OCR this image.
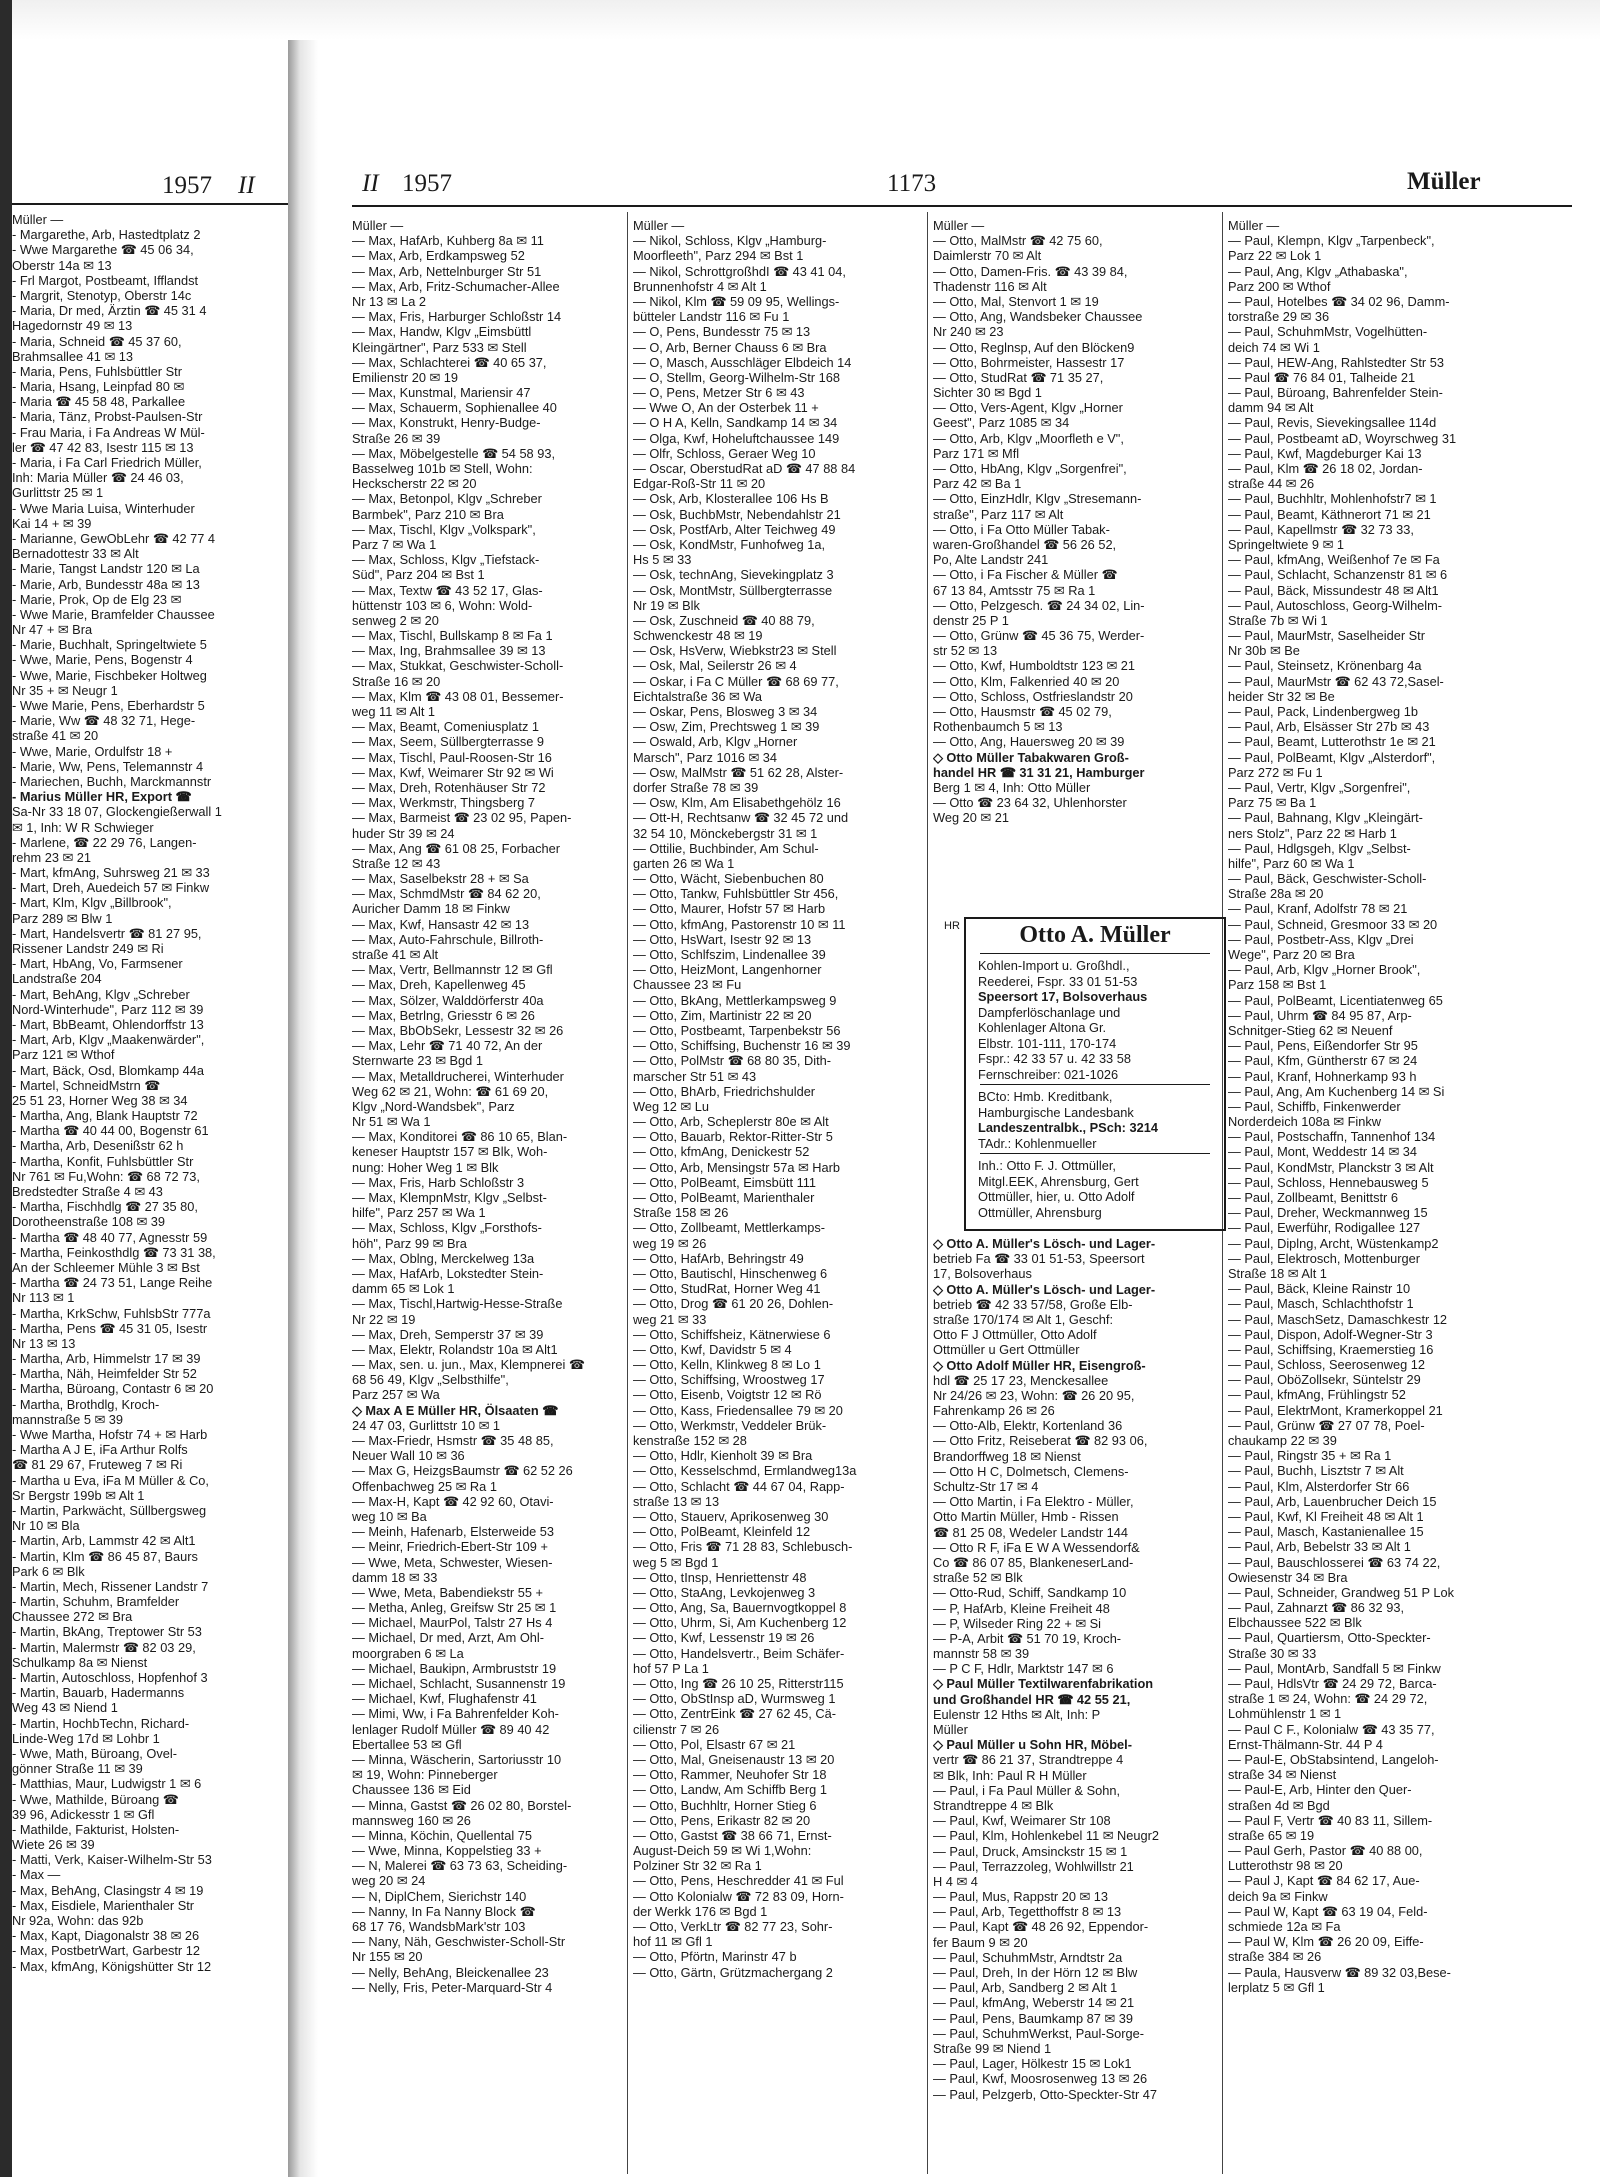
1957 II
Müller —
- Margarethe, Arb, Hastedtplatz 2
- Wwe Margarethe ☎ 45 06 34,
Oberstr 14a ✉ 13
- Frl Margot, Postbeamt, Ifflandst
- Margrit, Stenotyp, Oberstr 14c
- Maria, Dr med, Ärztin ☎ 45 31 4
Hagedornstr 49 ✉ 13
- Maria, Schneid ☎ 45 37 60,
Brahmsallee 41 ✉ 13
- Maria, Pens, Fuhlsbüttler Str
- Maria, Hsang, Leinpfad 80 ✉
- Maria ☎ 45 58 48, Parkallee
- Maria, Tänz, Probst-Paulsen-Str
- Frau Maria, i Fa Andreas W Mül-
ler ☎ 47 42 83, Isestr 115 ✉ 13
- Maria, i Fa Carl Friedrich Müller,
Inh: Maria Müller ☎ 24 46 03,
Gurlittstr 25 ✉ 1
- Wwe Maria Luisa, Winterhuder
Kai 14 + ✉ 39
- Marianne, GewObLehr ☎ 42 77 4
Bernadottestr 33 ✉ Alt
- Marie, Tangst Landstr 120 ✉ La
- Marie, Arb, Bundesstr 48a ✉ 13
- Marie, Prok, Op de Elg 23 ✉
- Wwe Marie, Bramfelder Chaussee
Nr 47 + ✉ Bra
- Marie, Buchhalt, Springeltwiete 5
- Wwe, Marie, Pens, Bogenstr 4
- Wwe, Marie, Fischbeker Holtweg
Nr 35 + ✉ Neugr 1
- Wwe Marie, Pens, Eberhardstr 5
- Marie, Ww ☎ 48 32 71, Hege-
straße 41 ✉ 20
- Wwe, Marie, Ordulfstr 18 +
- Marie, Ww, Pens, Telemannstr 4
- Mariechen, Buchh, Marckmannstr
- Marius Müller HR, Export ☎
Sa-Nr 33 18 07, Glockengießerwall 1
✉ 1, Inh: W R Schwieger
- Marlene, ☎ 22 29 76, Langen-
rehm 23 ✉ 21
- Mart, kfmAng, Suhrsweg 21 ✉ 33
- Mart, Dreh, Auedeich 57 ✉ Finkw
- Mart, Klm, Klgv „Billbrook",
Parz 289 ✉ Blw 1
- Mart, Handelsvertr ☎ 81 27 95,
Rissener Landstr 249 ✉ Ri
- Mart, HbAng, Vo, Farmsener
Landstraße 204
- Mart, BehAng, Klgv „Schreber
Nord-Winterhude", Parz 112 ✉ 39
- Mart, BbBeamt, Ohlendorffstr 13
- Mart, Arb, Klgv „Maakenwärder",
Parz 121 ✉ Wthof
- Mart, Bäck, Osd, Blomkamp 44a
- Martel, SchneidMstrn ☎
25 51 23, Horner Weg 38 ✉ 34
- Martha, Ang, Blank Hauptstr 72
- Martha ☎ 40 44 00, Bogenstr 61
- Martha, Arb, Desenißstr 62 h
- Martha, Konfit, Fuhlsbüttler Str
Nr 761 ✉ Fu,Wohn: ☎ 68 72 73,
Bredstedter Straße 4 ✉ 43
- Martha, Fischhdlg ☎ 27 35 80,
Dorotheenstraße 108 ✉ 39
- Martha ☎ 48 40 77, Agnesstr 59
- Martha, Feinkosthdlg ☎ 73 31 38,
An der Schleemer Mühle 3 ✉ Bst
- Martha ☎ 24 73 51, Lange Reihe
Nr 113 ✉ 1
- Martha, KrkSchw, FuhlsbStr 777a
- Martha, Pens ☎ 45 31 05, Isestr
Nr 13 ✉ 13
- Martha, Arb, Himmelstr 17 ✉ 39
- Martha, Näh, Heimfelder Str 52
- Martha, Büroang, Contastr 6 ✉ 20
- Martha, Brothdlg, Kroch-
mannstraße 5 ✉ 39
- Wwe Martha, Hofstr 74 + ✉ Harb
- Martha A J E, iFa Arthur Rolfs
☎ 81 29 67, Fruteweg 7 ✉ Ri
- Martha u Eva, iFa M Müller & Co,
Sr Bergstr 199b ✉ Alt 1
- Martin, Parkwächt, Süllbergsweg
Nr 10 ✉ Bla
- Martin, Arb, Lammstr 42 ✉ Alt1
- Martin, Klm ☎ 86 45 87, Baurs
Park 6 ✉ Blk
- Martin, Mech, Rissener Landstr 7
- Martin, Schuhm, Bramfelder
Chaussee 272 ✉ Bra
- Martin, BkAng, Treptower Str 53
- Martin, Malermstr ☎ 82 03 29,
Schulkamp 8a ✉ Nienst
- Martin, Autoschloss, Hopfenhof 3
- Martin, Bauarb, Hadermanns
Weg 43 ✉ Niend 1
- Martin, HochbTechn, Richard-
Linde-Weg 17d ✉ Lohbr 1
- Wwe, Math, Büroang, Ovel-
gönner Straße 11 ✉ 39
- Matthias, Maur, Ludwigstr 1 ✉ 6
- Wwe, Mathilde, Büroang ☎
39 96, Adickesstr 1 ✉ Gfl
- Mathilde, Fakturist, Holsten-
Wiete 26 ✉ 39
- Matti, Verk, Kaiser-Wilhelm-Str 53
- Max —
- Max, BehAng, Clasingstr 4 ✉ 19
- Max, Eisdiele, Marienthaler Str
Nr 92a, Wohn: das 92b
- Max, Kapt, Diagonalstr 38 ✉ 26
- Max, PostbetrWart, Garbestr 12
- Max, kfmAng, Königshütter Str 12
II 1957	1173	Müller
Müller —
— Max, HafArb, Kuhberg 8a ✉ 11
— Max, Arb, Erdkampsweg 52
— Max, Arb, Nettelnburger Str 51
— Max, Arb, Fritz-Schumacher-Allee
Nr 13 ✉ La 2
— Max, Fris, Harburger Schloßstr 14
— Max, Handw, Klgv „Eimsbüttl
Kleingärtner", Parz 533 ✉ Stell
— Max, Schlachterei ☎ 40 65 37,
Emilienstr 20 ✉ 19
— Max, Kunstmal, Mariensir 47
— Max, Schauerm, Sophienallee 40
— Max, Konstrukt, Henry-Budge-
Straße 26 ✉ 39
— Max, Möbelgestelle ☎ 54 58 93,
Basselweg 101b ✉ Stell, Wohn:
Heckscherstr 22 ✉ 20
— Max, Betonpol, Klgv „Schreber
Barmbek", Parz 210 ✉ Bra
— Max, Tischl, Klgv „Volkspark",
Parz 7 ✉ Wa 1
— Max, Schloss, Klgv „Tiefstack-
Süd", Parz 204 ✉ Bst 1
— Max, Textw ☎ 43 52 17, Glas-
hüttenstr 103 ✉ 6, Wohn: Wold-
senweg 2 ✉ 20
— Max, Tischl, Bullskamp 8 ✉ Fa 1
— Max, Ing, Brahmsallee 39 ✉ 13
— Max, Stukkat, Geschwister-Scholl-
Straße 16 ✉ 20
— Max, Klm ☎ 43 08 01, Bessemer-
weg 11 ✉ Alt 1
— Max, Beamt, Comeniusplatz 1
— Max, Seem, Süllbergterrasse 9
— Max, Tischl, Paul-Roosen-Str 16
— Max, Kwf, Weimarer Str 92 ✉ Wi
— Max, Dreh, Rotenhäuser Str 72
— Max, Werkmstr, Thingsberg 7
— Max, Barmeist ☎ 23 02 95, Papen-
huder Str 39 ✉ 24
— Max, Ang ☎ 61 08 25, Forbacher
Straße 12 ✉ 43
— Max, Saselbekstr 28 + ✉ Sa
— Max, SchmdMstr ☎ 84 62 20,
Auricher Damm 18 ✉ Finkw
— Max, Kwf, Hansastr 42 ✉ 13
— Max, Auto-Fahrschule, Billroth-
straße 41 ✉ Alt
— Max, Vertr, Bellmannstr 12 ✉ Gfl
— Max, Dreh, Kapellenweg 45
— Max, Sölzer, Walddörferstr 40a
— Max, Betrlng, Griesstr 6 ✉ 26
— Max, BbObSekr, Lessestr 32 ✉ 26
— Max, Lehr ☎ 71 40 72, An der
Sternwarte 23 ✉ Bgd 1
— Max, Metalldrucherei, Winterhuder
Weg 62 ✉ 21, Wohn: ☎ 61 69 20,
Klgv „Nord-Wandsbek", Parz
Nr 51 ✉ Wa 1
— Max, Konditorei ☎ 86 10 65, Blan-
keneser Hauptstr 157 ✉ Blk, Woh-
nung: Hoher Weg 1 ✉ Blk
— Max, Fris, Harb Schloßstr 3
— Max, KlempnMstr, Klgv „Selbst-
hilfe", Parz 257 ✉ Wa 1
— Max, Schloss, Klgv „Forsthofs-
höh", Parz 99 ✉ Bra
— Max, Oblng, Merckelweg 13a
— Max, HafArb, Lokstedter Stein-
damm 65 ✉ Lok 1
— Max, Tischl,Hartwig-Hesse-Straße
Nr 22 ✉ 19
— Max, Dreh, Semperstr 37 ✉ 39
— Max, Elektr, Rolandstr 10a ✉ Alt1
— Max, sen. u. jun., Max, Klempnerei ☎
68 56 49, Klgv „Selbsthilfe",
Parz 257 ✉ Wa
◇ Max A E Müller HR, Ölsaaten ☎
24 47 03, Gurlittstr 10 ✉ 1
— Max-Friedr, Hsmstr ☎ 35 48 85,
Neuer Wall 10 ✉ 36
— Max G, HeizgsBaumstr ☎ 62 52 26
Offenbachweg 25 ✉ Ra 1
— Max-H, Kapt ☎ 42 92 60, Otavi-
weg 10 ✉ Ba
— Meinh, Hafenarb, Elsterweide 53
— Meinr, Friedrich-Ebert-Str 109 +
— Wwe, Meta, Schwester, Wiesen-
damm 18 ✉ 33
— Wwe, Meta, Babendiekstr 55 +
— Metha, Anleg, Greifsw Str 25 ✉ 1
— Michael, MaurPol, Talstr 27 Hs 4
— Michael, Dr med, Arzt, Am Ohl-
moorgraben 6 ✉ La
— Michael, Baukipn, Armbruststr 19
— Michael, Schlacht, Susannenstr 19
— Michael, Kwf, Flughafenstr 41
— Mimi, Ww, i Fa Bahrenfelder Koh-
lenlager Rudolf Müller ☎ 89 40 42
Ebertallee 53 ✉ Gfl
— Minna, Wäscherin, Sartoriusstr 10
✉ 19, Wohn: Pinneberger
Chaussee 136 ✉ Eid
— Minna, Gastst ☎ 26 02 80, Borstel-
mannsweg 160 ✉ 26
— Minna, Köchin, Quellental 75
— Wwe, Minna, Koppelstieg 33 +
— N, Malerei ☎ 63 73 63, Scheiding-
weg 20 ✉ 24
— N, DiplChem, Sierichstr 140
— Nanny, In Fa Nanny Block ☎
68 17 76, WandsbMark'str 103
— Nany, Näh, Geschwister-Scholl-Str
Nr 155 ✉ 20
— Nelly, BehAng, Bleickenallee 23
— Nelly, Fris, Peter-Marquard-Str 4
Müller —
— Nikol, Schloss, Klgv „Hamburg-
Moorfleeth", Parz 294 ✉ Bst 1
— Nikol, SchrottgroßhdI ☎ 43 41 04,
Brunnenhofstr 4 ✉ Alt 1
— Nikol, Klm ☎ 59 09 95, Wellings-
bütteler Landstr 116 ✉ Fu 1
— O, Pens, Bundesstr 75 ✉ 13
— O, Arb, Berner Chauss 6 ✉ Bra
— O, Masch, Ausschläger Elbdeich 14
— O, Stellm, Georg-Wilhelm-Str 168
— O, Pens, Metzer Str 6 ✉ 43
— Wwe O, An der Osterbek 11 +
— O H A, Kelln, Sandkamp 14 ✉ 34
— Olga, Kwf, Hoheluftchaussee 149
— Olfr, Schloss, Geraer Weg 10
— Oscar, OberstudRat aD ☎ 47 88 84
Edgar-Roß-Str 11 ✉ 20
— Osk, Arb, Klosterallee 106 Hs B
— Osk, BuchbMstr, Nebendahlstr 21
— Osk, PostfArb, Alter Teichweg 49
— Osk, KondMstr, Funhofweg 1a,
Hs 5 ✉ 33
— Osk, technAng, Sievekingplatz 3
— Osk, MontMstr, Süllbergterrasse
Nr 19 ✉ Blk
— Osk, Zuschneid ☎ 40 88 79,
Schwenckestr 48 ✉ 19
— Osk, HsVerw, Wiebkstr23 ✉ Stell
— Osk, Mal, Seilerstr 26 ✉ 4
— Oskar, i Fa C Müller ☎ 68 69 77,
Eichtalstraße 36 ✉ Wa
— Oskar, Pens, Blosweg 3 ✉ 34
— Osw, Zim, Prechtsweg 1 ✉ 39
— Oswald, Arb, Klgv „Horner
Marsch", Parz 1016 ✉ 34
— Osw, MalMstr ☎ 51 62 28, Alster-
dorfer Straße 78 ✉ 39
— Osw, Klm, Am Elisabethgehölz 16
— Ott-H, Rechtsanw ☎ 32 45 72 und
32 54 10, Mönckebergstr 31 ✉ 1
— Ottilie, Buchbinder, Am Schul-
garten 26 ✉ Wa 1
— Otto, Wächt, Siebenbuchen 80
— Otto, Tankw, Fuhlsbüttler Str 456,
— Otto, Maurer, Hofstr 57 ✉ Harb
— Otto, kfmAng, Pastorenstr 10 ✉ 11
— Otto, HsWart, Isestr 92 ✉ 13
— Otto, Schlfszim, Lindenallee 39
— Otto, HeizMont, Langenhorner
Chaussee 23 ✉ Fu
— Otto, BkAng, Mettlerkampsweg 9
— Otto, Zim, Martinistr 22 ✉ 20
— Otto, Postbeamt, Tarpenbekstr 56
— Otto, Schiffsing, Buchenstr 16 ✉ 39
— Otto, PolMstr ☎ 68 80 35, Dith-
marscher Str 51 ✉ 43
— Otto, BhArb, Friedrichshulder
Weg 12 ✉ Lu
— Otto, Arb, Scheplerstr 80e ✉ Alt
— Otto, Bauarb, Rektor-Ritter-Str 5
— Otto, kfmAng, Denickestr 52
— Otto, Arb, Mensingstr 57a ✉ Harb
— Otto, PolBeamt, Eimsbütt 111
— Otto, PolBeamt, Marienthaler
Straße 158 ✉ 26
— Otto, Zollbeamt, Mettlerkamps-
weg 19 ✉ 26
— Otto, HafArb, Behringstr 49
— Otto, Bautischl, Hinschenweg 6
— Otto, StudRat, Horner Weg 41
— Otto, Drog ☎ 61 20 26, Dohlen-
weg 21 ✉ 33
— Otto, Schiffsheiz, Kätnerwiese 6
— Otto, Kwf, Davidstr 5 ✉ 4
— Otto, Kelln, Klinkweg 8 ✉ Lo 1
— Otto, Schiffsing, Wroostweg 17
— Otto, Eisenb, Voigtstr 12 ✉ Rö
— Otto, Kass, Friedensallee 79 ✉ 20
— Otto, Werkmstr, Veddeler Brük-
kenstraße 152 ✉ 28
— Otto, Hdlr, Kienholt 39 ✉ Bra
— Otto, Kesselschmd, Ermlandweg13a
— Otto, Schlacht ☎ 44 67 04, Rapp-
straße 13 ✉ 13
— Otto, Stauerv, Aprikosenweg 30
— Otto, PolBeamt, Kleinfeld 12
— Otto, Fris ☎ 71 28 83, Schlebusch-
weg 5 ✉ Bgd 1
— Otto, tInsp, Henriettenstr 48
— Otto, StaAng, Levkojenweg 3
— Otto, Ang, Sa, Bauernvogtkoppel 8
— Otto, Uhrm, Si, Am Kuchenberg 12
— Otto, Kwf, Lessenstr 19 ✉ 26
— Otto, Handelsvertr., Beim Schäfer-
hof 57 P La 1
— Otto, Ing ☎ 26 10 25, Ritterstr115
— Otto, ObStInsp aD, Wurmsweg 1
— Otto, ZentrEink ☎ 27 62 45, Cä-
cilienstr 7 ✉ 26
— Otto, Pol, Elsastr 67 ✉ 21
— Otto, Mal, Gneisenaustr 13 ✉ 20
— Otto, Rammer, Neuhofer Str 18
— Otto, Landw, Am Schiffb Berg 1
— Otto, Buchhltr, Horner Stieg 6
— Otto, Pens, Erikastr 82 ✉ 20
— Otto, Gastst ☎ 38 66 71, Ernst-
August-Deich 59 ✉ Wi 1,Wohn:
Polziner Str 32 ✉ Ra 1
— Otto, Pens, Heschredder 41 ✉ Ful
— Otto Kolonialw ☎ 72 83 09, Horn-
der Werkk 176 ✉ Bgd 1
— Otto, VerkLtr ☎ 82 77 23, Sohr-
hof 11 ✉ Gfl 1
— Otto, Pförtn, Marinstr 47 b
— Otto, Gärtn, Grützmachergang 2
Müller —
— Otto, MalMstr ☎ 42 75 60,
Daimlerstr 70 ✉ Alt
— Otto, Damen-Fris. ☎ 43 39 84,
Thadenstr 116 ✉ Alt
— Otto, Mal, Stenvort 1 ✉ 19
— Otto, Ang, Wandsbeker Chaussee
Nr 240 ✉ 23
— Otto, Reglnsp, Auf den Blöcken9
— Otto, Bohrmeister, Hassestr 17
— Otto, StudRat ☎ 71 35 27,
Sichter 30 ✉ Bgd 1
— Otto, Vers-Agent, Klgv „Horner
Geest", Parz 1085 ✉ 34
— Otto, Arb, Klgv „Moorfleth e V",
Parz 171 ✉ Mfl
— Otto, HbAng, Klgv „Sorgenfrei",
Parz 42 ✉ Ba 1
— Otto, EinzHdlr, Klgv „Stresemann-
straße", Parz 117 ✉ Alt
— Otto, i Fa Otto Müller Tabak-
waren-Großhandel ☎ 56 26 52,
Po, Alte Landstr 241
— Otto, i Fa Fischer & Müller ☎
67 13 84, Amtsstr 75 ✉ Ra 1
— Otto, Pelzgesch. ☎ 24 34 02, Lin-
denstr 25 P 1
— Otto, Grünw ☎ 45 36 75, Werder-
str 52 ✉ 13
— Otto, Kwf, Humboldtstr 123 ✉ 21
— Otto, Klm, Falkenried 40 ✉ 20
— Otto, Schloss, Ostfrieslandstr 20
— Otto, Hausmstr ☎ 45 02 79,
Rothenbaumch 5 ✉ 13
— Otto, Ang, Hauersweg 20 ✉ 39
◇ Otto Müller Tabakwaren Groß-
handel HR ☎ 31 31 21, Hamburger
Berg 1 ✉ 4, Inh: Otto Müller
— Otto ☎ 23 64 32, Uhlenhorster
Weg 20 ✉ 21
HR	Otto A. Müller
Kohlen-Import u. Großhdl.,
Reederei, Fspr. 33 01 51-53
Speersort 17, Bolsoverhaus
Dampferlöschanlage und
Kohlenlager Altona Gr.
Elbstr. 101-111, 170-174
Fspr.: 42 33 57 u. 42 33 58
Fernschreiber: 021-1026
BCto: Hmb. Kreditbank,
Hamburgische Landesbank
Landeszentralbk., PSch: 3214
TAdr.: Kohlenmueller
Inh.: Otto F. J. Ottmüller,
Mitgl.EEK, Ahrensburg, Gert
Ottmüller, hier, u. Otto Adolf
Ottmüller, Ahrensburg
◇ Otto A. Müller's Lösch- und Lager-
betrieb Fa ☎ 33 01 51-53, Speersort
17, Bolsoverhaus
◇ Otto A. Müller's Lösch- und Lager-
betrieb ☎ 42 33 57/58, Große Elb-
straße 170/174 ✉ Alt 1, Geschf:
Otto F J Ottmüller, Otto Adolf
Ottmüller u Gert Ottmüller
◇ Otto Adolf Müller HR, Eisengroß-
hdl ☎ 25 17 23, Menckesallee
Nr 24/26 ✉ 23, Wohn: ☎ 26 20 95,
Fahrenkamp 26 ✉ 26
— Otto-Alb, Elektr, Kortenland 36
— Otto Fritz, Reiseberat ☎ 82 93 06,
Brandorffweg 18 ✉ Nienst
— Otto H C, Dolmetsch, Clemens-
Schultz-Str 17 ✉ 4
— Otto Martin, i Fa Elektro - Müller,
Otto Martin Müller, Hmb - Rissen
☎ 81 25 08, Wedeler Landstr 144
— Otto R F, iFa E W A Wessendorf&
Co ☎ 86 07 85, BlankeneserLand-
straße 52 ✉ Blk
— Otto-Rud, Schiff, Sandkamp 10
— P, HafArb, Kleine Freiheit 48
— P, Wilseder Ring 22 + ✉ Si
— P-A, Arbit ☎ 51 70 19, Kroch-
mannstr 58 ✉ 39
— P C F, Hdlr, Marktstr 147 ✉ 6
◇ Paul Müller Textilwarenfabrikation
und Großhandel HR ☎ 42 55 21,
Eulenstr 12 Hths ✉ Alt, Inh: P
Müller
◇ Paul Müller u Sohn HR, Möbel-
vertr ☎ 86 21 37, Strandtreppe 4
✉ Blk, Inh: Paul R H Müller
— Paul, i Fa Paul Müller & Sohn,
Strandtreppe 4 ✉ Blk
— Paul, Kwf, Weimarer Str 108
— Paul, Klm, Hohlenkebel 11 ✉ Neugr2
— Paul, Druck, Amsinckstr 15 ✉ 1
— Paul, Terrazzoleg, Wohlwillstr 21
H 4 ✉ 4
— Paul, Mus, Rappstr 20 ✉ 13
— Paul, Arb, Tegetthoffstr 8 ✉ 13
— Paul, Kapt ☎ 48 26 92, Eppendor-
fer Baum 9 ✉ 20
— Paul, SchuhmMstr, Arndtstr 2a
— Paul, Dreh, In der Hörn 12 ✉ Blw
— Paul, Arb, Sandberg 2 ✉ Alt 1
— Paul, kfmAng, Weberstr 14 ✉ 21
— Paul, Pens, Baumkamp 87 ✉ 39
— Paul, SchuhmWerkst, Paul-Sorge-
Straße 99 ✉ Niend 1
— Paul, Lager, Hölkestr 15 ✉ Lok1
— Paul, Kwf, Moosrosenweg 13 ✉ 26
— Paul, Pelzgerb, Otto-Speckter-Str 47
Müller —
— Paul, Klempn, Klgv „Tarpenbeck",
Parz 22 ✉ Lok 1
— Paul, Ang, Klgv „Athabaska",
Parz 200 ✉ Wthof
— Paul, Hotelbes ☎ 34 02 96, Damm-
torstraße 29 ✉ 36
— Paul, SchuhmMstr, Vogelhütten-
deich 74 ✉ Wi 1
— Paul, HEW-Ang, Rahlstedter Str 53
— Paul ☎ 76 84 01, Talheide 21
— Paul, Büroang, Bahrenfelder Stein-
damm 94 ✉ Alt
— Paul, Revis, Sievekingsallee 114d
— Paul, Postbeamt aD, Woyrschweg 31
— Paul, Kwf, Magdeburger Kai 13
— Paul, Klm ☎ 26 18 02, Jordan-
straße 44 ✉ 26
— Paul, Buchhltr, Mohlenhofstr7 ✉ 1
— Paul, Beamt, Käthnerort 71 ✉ 21
— Paul, Kapellmstr ☎ 32 73 33,
Springeltwiete 9 ✉ 1
— Paul, kfmAng, Weißenhof 7e ✉ Fa
— Paul, Schlacht, Schanzenstr 81 ✉ 6
— Paul, Bäck, Missundestr 48 ✉ Alt1
— Paul, Autoschloss, Georg-Wilhelm-
Straße 7b ✉ Wi 1
— Paul, MaurMstr, Saselheider Str
Nr 30b ✉ Be
— Paul, Steinsetz, Krönenbarg 4a
— Paul, MaurMstr ☎ 62 43 72,Sasel-
heider Str 32 ✉ Be
— Paul, Pack, Lindenbergweg 1b
— Paul, Arb, Elsässer Str 27b ✉ 43
— Paul, Beamt, Lutterothstr 1e ✉ 21
— Paul, PolBeamt, Klgv „Alsterdorf",
Parz 272 ✉ Fu 1
— Paul, Vertr, Klgv „Sorgenfrei",
Parz 75 ✉ Ba 1
— Paul, Bahnang, Klgv „Kleingärt-
ners Stolz", Parz 22 ✉ Harb 1
— Paul, Hdlgsgeh, Klgv „Selbst-
hilfe", Parz 60 ✉ Wa 1
— Paul, Bäck, Geschwister-Scholl-
Straße 28a ✉ 20
— Paul, Kranf, Adolfstr 78 ✉ 21
— Paul, Schneid, Gresmoor 33 ✉ 20
— Paul, Postbetr-Ass, Klgv „Drei
Wege", Parz 20 ✉ Bra
— Paul, Arb, Klgv „Horner Brook",
Parz 158 ✉ Bst 1
— Paul, PolBeamt, Licentiatenweg 65
— Paul, Uhrm ☎ 84 95 87, Arp-
Schnitger-Stieg 62 ✉ Neuenf
— Paul, Pens, Eißendorfer Str 95
— Paul, Kfm, Güntherstr 67 ✉ 24
— Paul, Kranf, Hohnerkamp 93 h
— Paul, Ang, Am Kuchenberg 14 ✉ Si
— Paul, Schiffb, Finkenwerder
Norderdeich 108a ✉ Finkw
— Paul, Postschaffn, Tannenhof 134
— Paul, Mont, Weddestr 14 ✉ 34
— Paul, KondMstr, Planckstr 3 ✉ Alt
— Paul, Schloss, Hennebausweg 5
— Paul, Zollbeamt, Benittstr 6
— Paul, Dreher, Weckmannweg 15
— Paul, Ewerführ, Rodigallee 127
— Paul, Diplng, Archt, Wüstenkamp2
— Paul, Elektrosch, Mottenburger
Straße 18 ✉ Alt 1
— Paul, Bäck, Kleine Rainstr 10
— Paul, Masch, Schlachthofstr 1
— Paul, MaschSetz, Damaschkestr 12
— Paul, Dispon, Adolf-Wegner-Str 3
— Paul, Schiffsing, Kraemerstieg 16
— Paul, Schloss, Seerosenweg 12
— Paul, OböZollsekr, Süntelstr 29
— Paul, kfmAng, Frühlingstr 52
— Paul, ElektrMont, Kramerkoppel 21
— Paul, Grünw ☎ 27 07 78, Poel-
chaukamp 22 ✉ 39
— Paul, Ringstr 35 + ✉ Ra 1
— Paul, Buchh, Lisztstr 7 ✉ Alt
— Paul, Klm, Alsterdorfer Str 66
— Paul, Arb, Lauenbrucher Deich 15
— Paul, Kwf, Kl Freiheit 48 ✉ Alt 1
— Paul, Masch, Kastanienallee 15
— Paul, Arb, Bebelstr 33 ✉ Alt 1
— Paul, Bauschlosserei ☎ 63 74 22,
Owiesenstr 34 ✉ Bra
— Paul, Schneider, Grandweg 51 P Lok
— Paul, Zahnarzt ☎ 86 32 93,
Elbchaussee 522 ✉ Blk
— Paul, Quartiersm, Otto-Speckter-
Straße 30 ✉ 33
— Paul, MontArb, Sandfall 5 ✉ Finkw
— Paul, HdlsVtr ☎ 24 29 72, Barca-
straße 1 ✉ 24, Wohn: ☎ 24 29 72,
Lohmühlenstr 1 ✉ 1
— Paul C F., Kolonialw ☎ 43 35 77,
Ernst-Thälmann-Str. 44 P 4
— Paul-E, ObStabsintend, Langeloh-
straße 34 ✉ Nienst
— Paul-E, Arb, Hinter den Quer-
straßen 4d ✉ Bgd
— Paul F, Vertr ☎ 40 83 11, Sillem-
straße 65 ✉ 19
— Paul Gerh, Pastor ☎ 40 88 00,
Lutterothstr 98 ✉ 20
— Paul J, Kapt ☎ 84 62 17, Aue-
deich 9a ✉ Finkw
— Paul W, Kapt ☎ 63 19 04, Feld-
schmiede 12a ✉ Fa
— Paul W, Klm ☎ 26 20 09, Eiffe-
straße 384 ✉ 26
— Paula, Hausverw ☎ 89 32 03,Bese-
lerplatz 5 ✉ Gfl 1
